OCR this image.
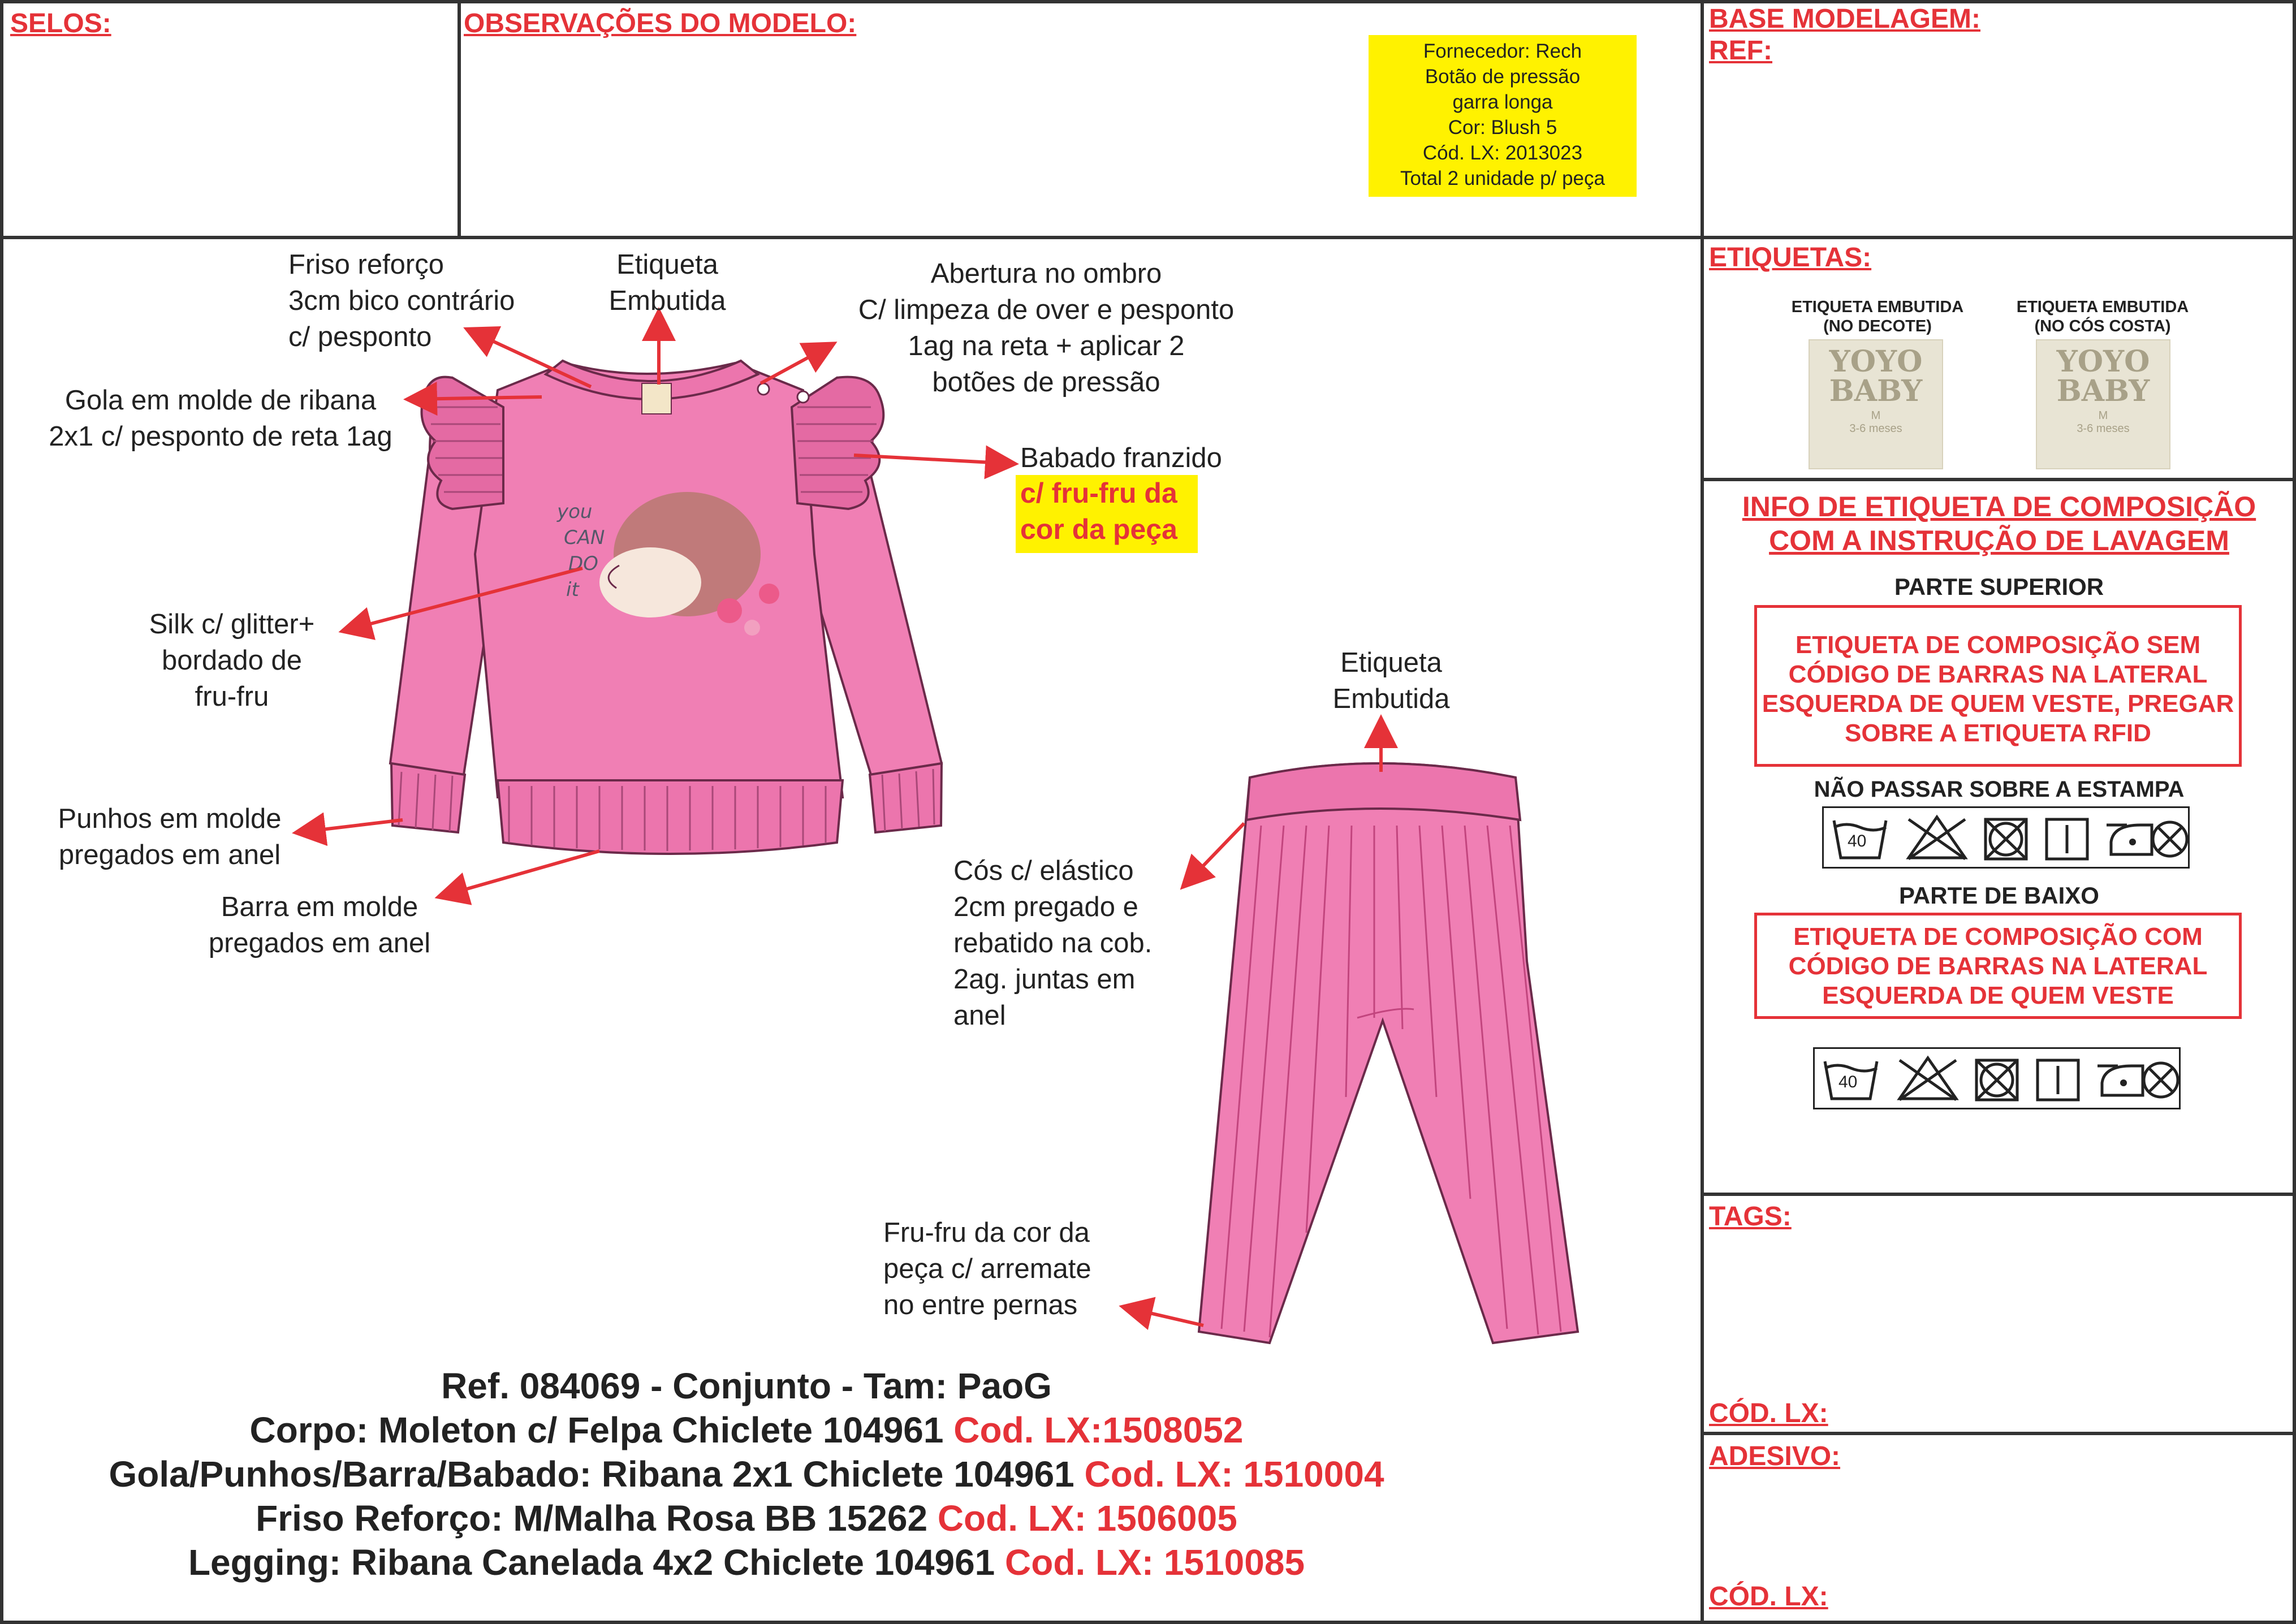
SELOS:	OBSERVAÇÕES DO MODELO:	BASE MODELAGEM:
REF:
ETIQUETAS:
TAGS:
CÓD. LX:
ADESIVO:
CÓD. LX:
Fornecedor: Rech
Botão de pressão
garra longa
Cor: Blush 5
Cód. LX: 2013023
Total 2 unidade p/ peça
ETIQUETA EMBUTIDA
(NO DECOTE)
YOYO
BABY
M
3-6 meses
ETIQUETA EMBUTIDA
(NO CÓS COSTA)
YOYO
BABY
M
3-6 meses
INFO DE ETIQUETA DE COMPOSIÇÃO
COM A INSTRUÇÃO DE LAVAGEM
PARTE SUPERIOR
ETIQUETA DE COMPOSIÇÃO SEM
CÓDIGO DE BARRAS NA LATERAL
ESQUERDA DE QUEM VESTE, PREGAR
SOBRE A ETIQUETA RFID
NÃO PASSAR SOBRE A ESTAMPA
40
PARTE DE BAIXO
ETIQUETA DE COMPOSIÇÃO COM
CÓDIGO DE BARRAS NA LATERAL
ESQUERDA DE QUEM VESTE
40
you
CAN
DO
it
Friso reforço
3cm bico contrário
c/ pesponto
Etiqueta
Embutida
Abertura no ombro
C/ limpeza de over e pesponto
1ag na reta + aplicar 2
botões de pressão
Gola em molde de ribana
2x1 c/ pesponto de reta 1ag
Babado franzido
c/ fru-fru da
cor da peça
Silk c/ glitter+
bordado de
fru-fru
Punhos em molde
pregados em anel
Barra em molde
pregados em anel
Etiqueta
Embutida
Cós c/ elástico
2cm pregado e
rebatido na cob.
2ag. juntas em
anel
Fru-fru da cor da
peça c/ arremate
no entre pernas
Ref. 084069 - Conjunto - Tam: PaoG
Corpo: Moleton c/ Felpa Chiclete 104961 Cod. LX:1508052
Gola/Punhos/Barra/Babado: Ribana 2x1 Chiclete 104961 Cod. LX: 1510004
Friso Reforço: M/Malha Rosa BB 15262 Cod. LX: 1506005
Legging: Ribana Canelada 4x2 Chiclete 104961 Cod. LX: 1510085
